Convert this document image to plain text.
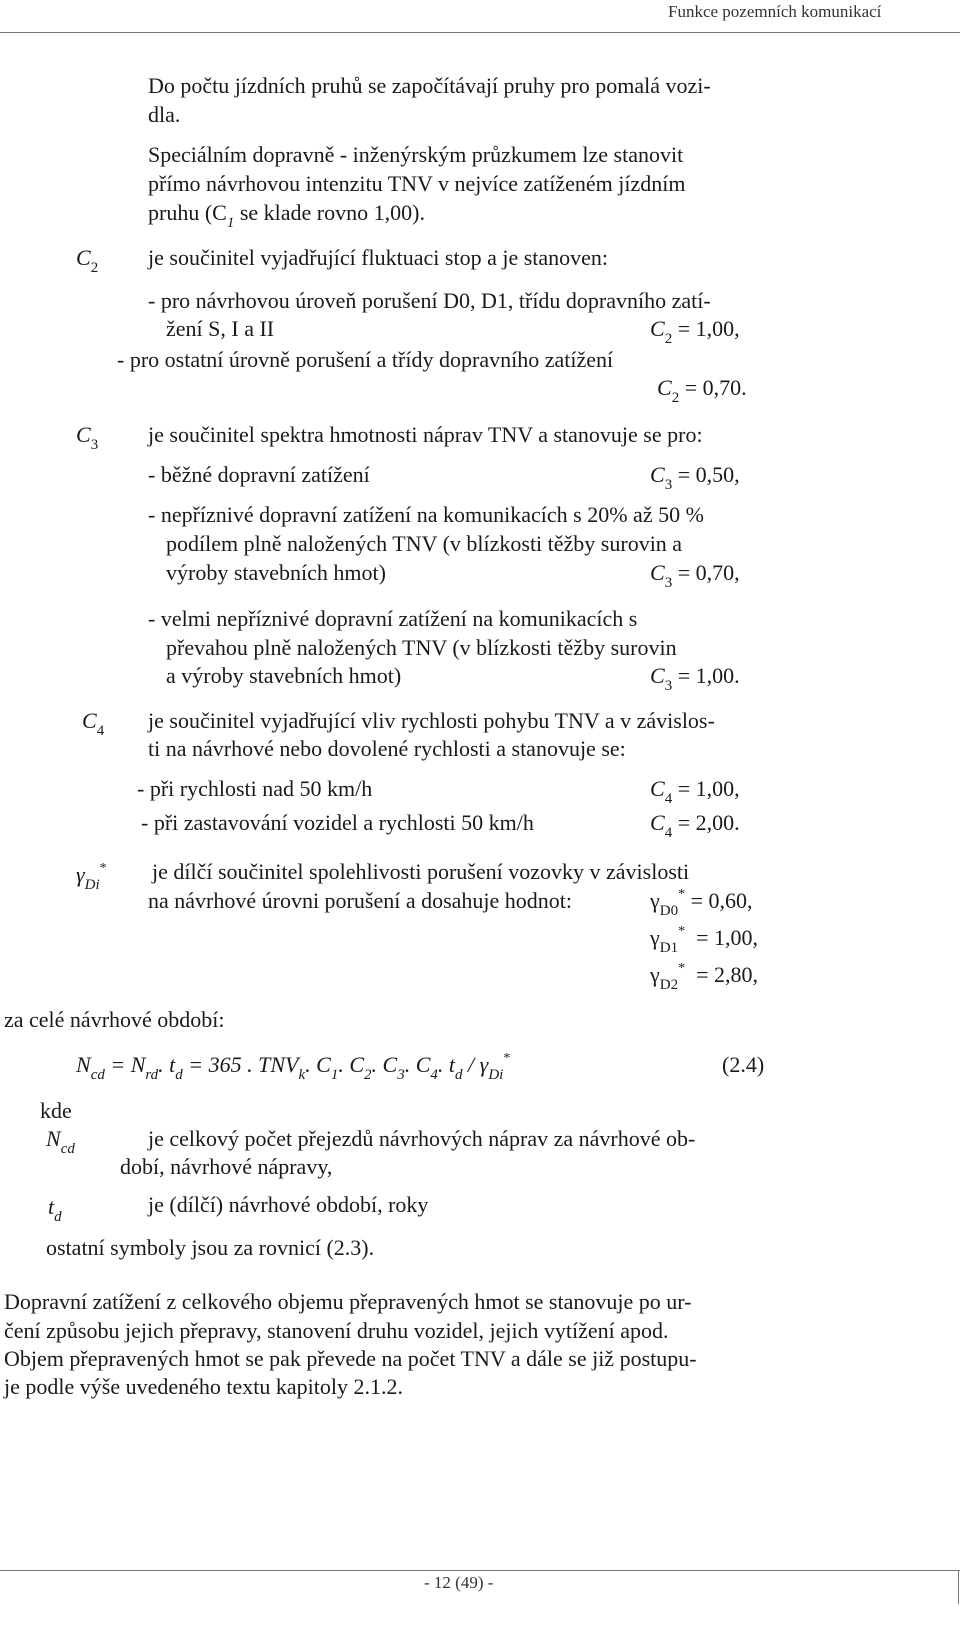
Funkce pozemních komunikací
Do počtu jízdních pruhů se započítávají pruhy pro pomalá vozi-
dla.
Speciálním dopravně - inženýrským průzkumem lze stanovit
přímo návrhovou intenzitu TNV v nejvíce zatíženém jízdním
pruhu ($C_1$ se klade rovno 1,00).
$C_2$ je součinitel vyjadřující fluktuaci stop a je stanoven:
- pro návrhovou úroveň porušení D0, D1, třídu dopravního zatí-
žení S, I a II	$C_2 = 1,00$,
- pro ostatní úrovně porušení a třídy dopravního zatížení
$C_2 = 0,70$.
$C_3$ je součinitel spektra hmotnosti náprav TNV a stanovuje se pro:
- běžné dopravní zatížení	$C_3 = 0,50$,
- nepříznivé dopravní zatížení na komunikacích s 20% až 50 %
podílem plně naložených TNV (v blízkosti těžby surovin a
výroby stavebních hmot)	$C_3 = 0,70$,
- velmi nepříznivé dopravní zatížení na komunikacích s
převahou plně naložených TNV (v blízkosti těžby surovin
a výroby stavebních hmot)	$C_3 = 1,00$.
$C_4$ je součinitel vyjadřující vliv rychlosti pohybu TNV a v závislos-
ti na návrhové nebo dovolené rychlosti a stanovuje se:
- při rychlosti nad 50 km/h	$C_4 = 1,00$,
- při zastavování vozidel a rychlosti 50 km/h	$C_4 = 2,00$.
$\gamma_{Di}^*$ je dílčí součinitel spolehlivosti porušení vozovky v závislosti
na návrhové úrovni porušení a dosahuje hodnot:	$\gamma_{D0}^* = 0,60$,
$\gamma_{D1}^* = 1,00$,
$\gamma_{D2}^* = 2,80$,
za celé návrhové období:
$N_{cd} = N_{rd}$. $t_d = 365$ . $TNV_k$. $C_1$. $C_2$. $C_3$. $C_4$. $t_d / \gamma_{Di}^*$	(2.4)
kde
$N_{cd}$	je celkový počet přejezdů návrhových náprav za návrhové ob-
dobí, návrhové nápravy,
$t_d$	je (dílčí) návrhové období, roky
ostatní symboly jsou za rovnicí (2.3).
Dopravní zatížení z celkového objemu přepravených hmot se stanovuje po ur-
čení způsobu jejich přepravy, stanovení druhu vozidel, jejich vytížení apod.
Objem přepravených hmot se pak převede na počet TNV a dále se již postupu-
je podle výše uvedeného textu kapitoly 2.1.2.
- 12 (49) -
